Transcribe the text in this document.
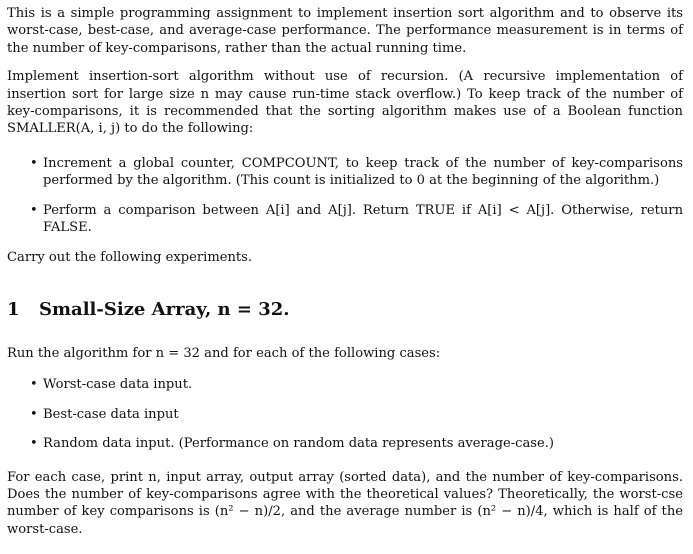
This is a simple programming assignment to implement insertion sort algorithm and to observe its worst-case, best-case, and average-case performance. The performance measurement is in terms of the number of key-comparisons, rather than the actual running time.

Implement insertion-sort algorithm without use of recursion. (A recursive implementation of insertion sort for large size n may cause run-time stack overflow.) To keep track of the number of key-comparisons, it is recommended that the sorting algorithm makes use of a Boolean function SMALLER(A, i, j) to do the following:

• Increment a global counter, COMPCOUNT, to keep track of the number of key-comparisons performed by the algorithm. (This count is initialized to 0 at the beginning of the algorithm.)
• Perform a comparison between A[i] and A[j]. Return TRUE if A[i] < A[j]. Otherwise, return FALSE.

Carry out the following experiments.

1 Small-Size Array, n = 32.

Run the algorithm for n = 32 and for each of the following cases:

• Worst-case data input.
• Best-case data input
• Random data input. (Performance on random data represents average-case.)

For each case, print n, input array, output array (sorted data), and the number of key-comparisons. Does the number of key-comparisons agree with the theoretical values? Theoretically, the worst-cse number of key comparisons is (n² − n)/2, and the average number is (n² − n)/4, which is half of the worst-case.
